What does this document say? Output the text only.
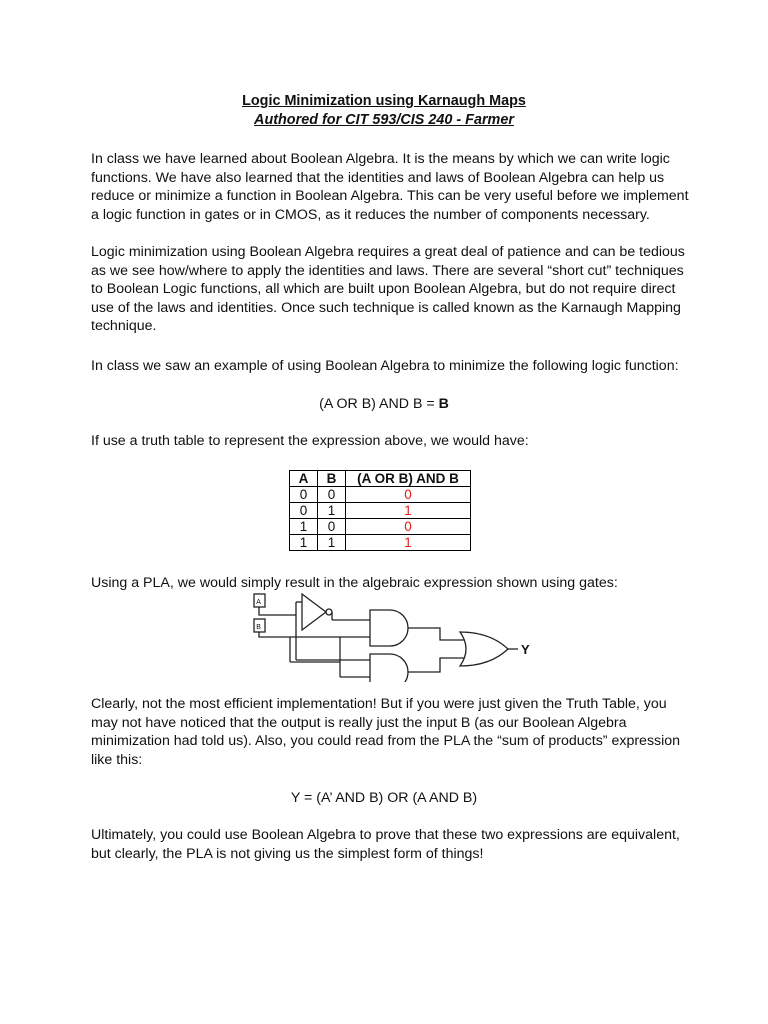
Logic Minimization using Karnaugh Maps
Authored for CIT 593/CIS 240 - Farmer

In class we have learned about Boolean Algebra. It is the means by which we can write logic functions. We have also learned that the identities and laws of Boolean Algebra can help us reduce or minimize a function in Boolean Algebra. This can be very useful before we implement a logic function in gates or in CMOS, as it reduces the number of components necessary.

Logic minimization using Boolean Algebra requires a great deal of patience and can be tedious as we see how/where to apply the identities and laws. There are several “short cut” techniques to Boolean Logic functions, all which are built upon Boolean Algebra, but do not require direct use of the laws and identities. Once such technique is called known as the Karnaugh Mapping technique.

In class we saw an example of using Boolean Algebra to minimize the following logic function:

(A OR B) AND B = B

If use a truth table to represent the expression above, we would have:

A	B	(A OR B) AND B
0	0	0
0	1	1
1	0	0
1	1	1

Using a PLA, we would simply result in the algebraic expression shown using gates:

A
B
Y

Clearly, not the most efficient implementation! But if you were just given the Truth Table, you may not have noticed that the output is really just the input B (as our Boolean Algebra minimization had told us). Also, you could read from the PLA the “sum of products” expression like this:

Y = (A’ AND B) OR (A AND B)

Ultimately, you could use Boolean Algebra to prove that these two expressions are equivalent, but clearly, the PLA is not giving us the simplest form of things!
